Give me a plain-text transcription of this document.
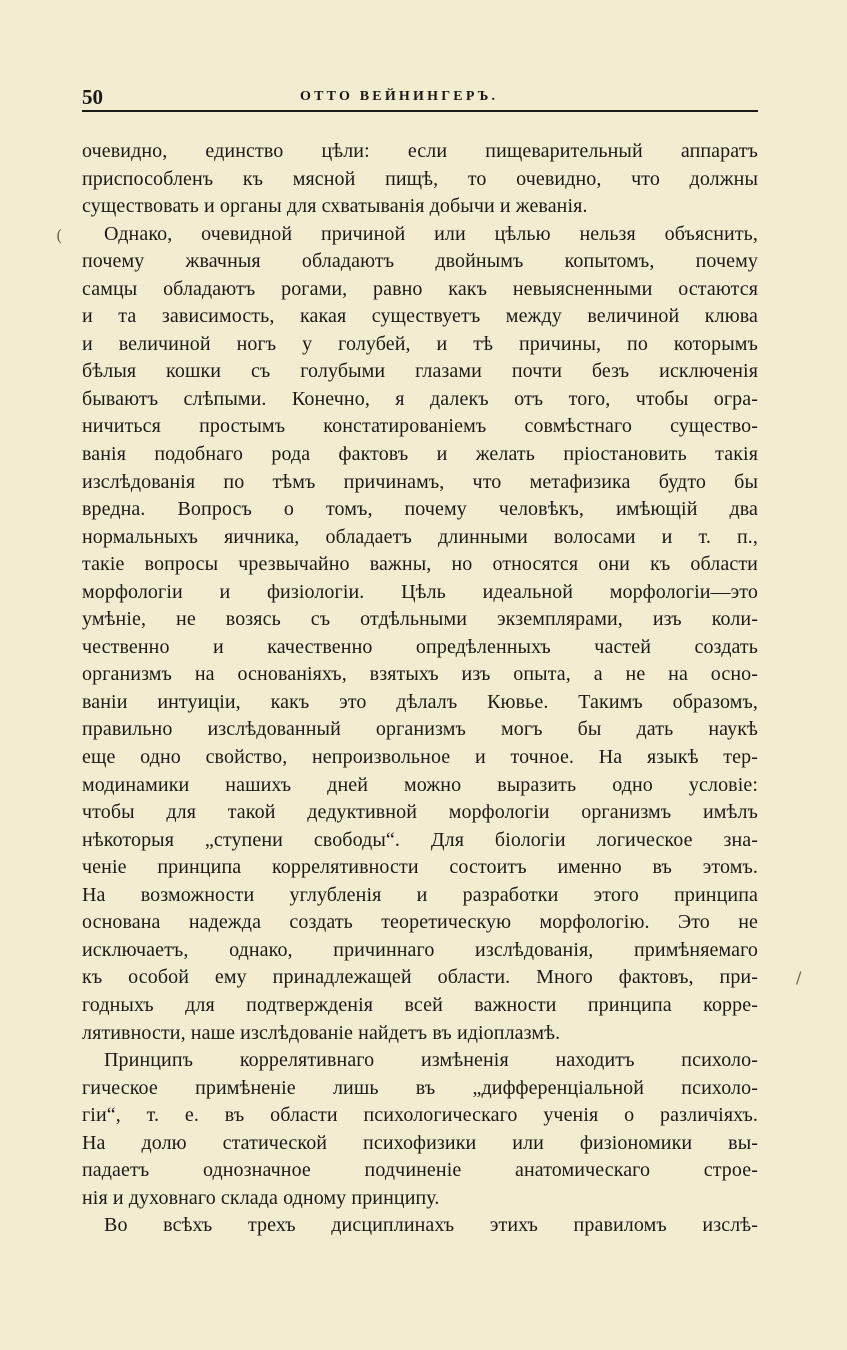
50	ОТТО ВЕЙНИНГЕРЪ.
очевидно, единство цѣли: если пищеварительный аппаратъ
приспособленъ къ мясной пищѣ, то очевидно, что должны
существовать и органы для схватыванія добычи и жеванія.
Однако, очевидной причиной или цѣлью нельзя объяснить,
почему жвачныя обладаютъ двойнымъ копытомъ, почему
самцы обладаютъ рогами, равно какъ невыясненными остаются
и та зависимость, какая существуетъ между величиной клюва
и величиной ногъ у голубей, и тѣ причины, по которымъ
бѣлыя кошки съ голубыми глазами почти безъ исключенія
бываютъ слѣпыми. Конечно, я далекъ отъ того, чтобы огра-
ничиться простымъ констатированіемъ совмѣстнаго существо-
ванія подобнаго рода фактовъ и желать пріостановить такія
изслѣдованія по тѣмъ причинамъ, что метафизика будто бы
вредна. Вопросъ о томъ, почему человѣкъ, имѣющій два
нормальныхъ яичника, обладаетъ длинными волосами и т. п.,
такіе вопросы чрезвычайно важны, но относятся они къ области
морфологіи и физіологіи. Цѣль идеальной морфологіи—это
умѣніе, не возясь съ отдѣльными экземплярами, изъ коли-
чественно и качественно опредѣленныхъ частей создать
организмъ на основаніяхъ, взятыхъ изъ опыта, а не на осно-
ваніи интуиціи, какъ это дѣлалъ Кювье. Такимъ образомъ,
правильно изслѣдованный организмъ могъ бы дать наукѣ
еще одно свойство, непроизвольное и точное. На языкѣ тер-
модинамики нашихъ дней можно выразить одно условіе:
чтобы для такой дедуктивной морфологіи организмъ имѣлъ
нѣкоторыя „ступени свободы“. Для біологіи логическое зна-
ченіе принципа коррелятивности состоитъ именно въ этомъ.
На возможности углубленія и разработки этого принципа
основана надежда создать теоретическую морфологію. Это не
исключаетъ, однако, причиннаго изслѣдованія, примѣняемаго
къ особой ему принадлежащей области. Много фактовъ, при-
годныхъ для подтвержденія всей важности принципа корре-
лятивности, наше изслѣдованіе найдетъ въ идіоплазмѣ.
Принципъ коррелятивнаго измѣненія находитъ психоло-
гическое примѣненіе лишь въ „дифференціальной психоло-
гіи“, т. е. въ области психологическаго ученія о различіяхъ.
На долю статической психофизики или физіономики вы-
падаетъ однозначное подчиненіе анатомическаго строе-
нія и духовнаго склада одному принципу.
Во всѣхъ трехъ дисциплинахъ этихъ правиломъ изслѣ-
(
/
